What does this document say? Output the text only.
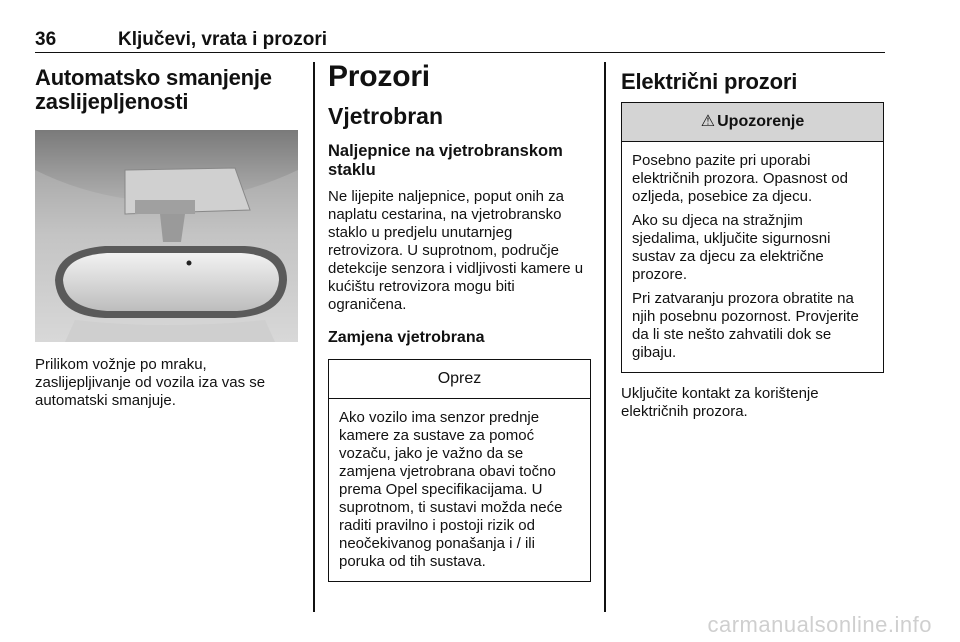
36	Ključevi, vrata i prozori
Automatsko smanjenje zaslijepljenosti

Prilikom vožnje po mraku, zaslijepljivanje od vozila iza vas se automatski smanjuje.

Prozori
Vjetrobran
Naljepnice na vjetrobranskom staklu

Ne lijepite naljepnice, poput onih za naplatu cestarina, na vjetrobransko staklo u predjelu unutarnjeg retrovizora. U suprotnom, područje detekcije senzora i vidljivosti kamere u kućištu retrovizora mogu biti ograničena.

Zamjena vjetrobrana
Oprez

Ako vozilo ima senzor prednje kamere za sustave za pomoć vozaču, jako je važno da se zamjena vjetrobrana obavi točno prema Opel specifikacijama. U suprotnom, ti sustavi možda neće raditi pravilno i postoji rizik od neočekivanog ponašanja i / ili poruka od tih sustava.

Električni prozori
⚠ Upozorenje

Posebno pazite pri uporabi električnih prozora. Opasnost od ozljeda, posebice za djecu.

Ako su djeca na stražnjim sjedalima, uključite sigurnosni sustav za djecu za električne prozore.

Pri zatvaranju prozora obratite na njih posebnu pozornost. Provjerite da li ste nešto zahvatili dok se gibaju.

Uključite kontakt za korištenje električnih prozora.

carmanualsonline.info
